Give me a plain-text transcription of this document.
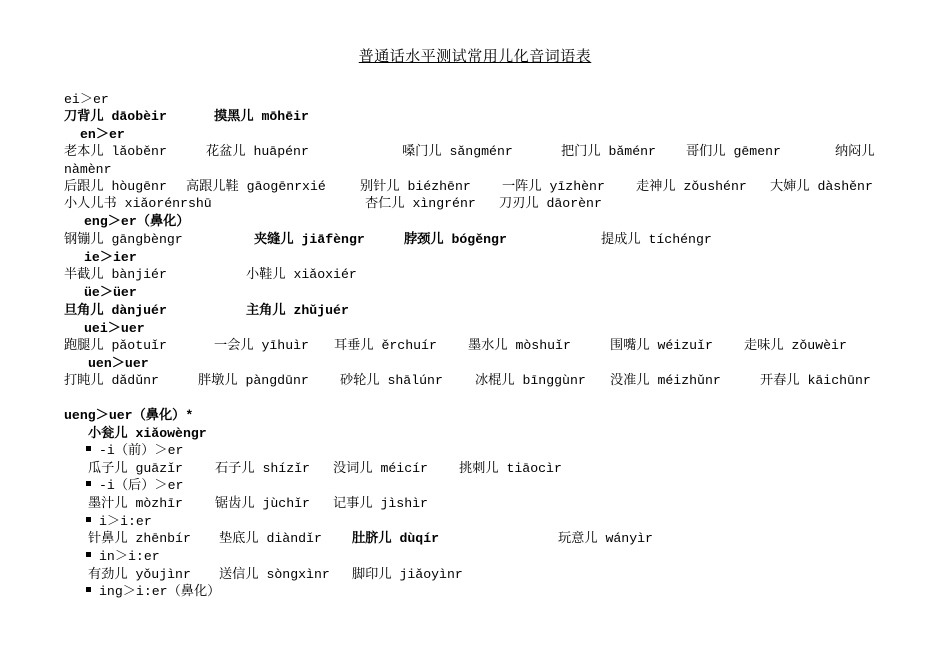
普通话水平测试常用儿化音词语表
ei＞er
刀背儿 dāobèir	摸黑儿 mōhēir
en＞er
老本儿 lǎoběnr	花盆儿 huāpénr	嗓门儿 sǎngménr	把门儿 bǎménr 哥们儿 gēmenr	纳闷儿
nàmènr
后跟儿 hòugēnr 高跟儿鞋 gāogēnrxié	别针儿 biézhēnr 一阵儿 yīzhènr 走神儿 zǒushénr 大婶儿 dàshěnr
小人儿书 xiǎorénrshū	杏仁儿 xìngrénr 刀刃儿 dāorènr
eng＞er（鼻化）
钢镚儿 gāngbèngr	夹缝儿 jiāfèngr	脖颈儿 bógěngr	提成儿 tíchéngr
ie＞ier
半截儿 bànjiér	小鞋儿 xiǎoxiér
üe＞üer
旦角儿 dànjuér	主角儿 zhǔjuér
uei＞uer
跑腿儿 pǎotuǐr	一会儿 yīhuìr 耳垂儿 ěrchuír 墨水儿 mòshuǐr	围嘴儿 wéizuǐr 走味儿 zǒuwèir
uen＞uer
打盹儿 dǎdǔnr	胖墩儿 pàngdūnr 砂轮儿 shālúnr 冰棍儿 bīnggùnr 没准儿 méizhǔnr	开春儿 kāichūnr
ueng＞uer（鼻化）*
小瓮儿 xiǎowèngr
-i（前）＞er
瓜子儿 guāzǐr 石子儿 shízǐr 没词儿 méicír 挑刺儿 tiāocìr
-i（后）＞er
墨汁儿 mòzhīr 锯齿儿 jùchǐr 记事儿 jìshìr
i＞i:er
针鼻儿 zhēnbír 垫底儿 diàndǐr 肚脐儿 dùqír	玩意儿 wányìr
in＞i:er
有劲儿 yǒujìnr 送信儿 sòngxìnr 脚印儿 jiǎoyìnr
ing＞i:er（鼻化）
